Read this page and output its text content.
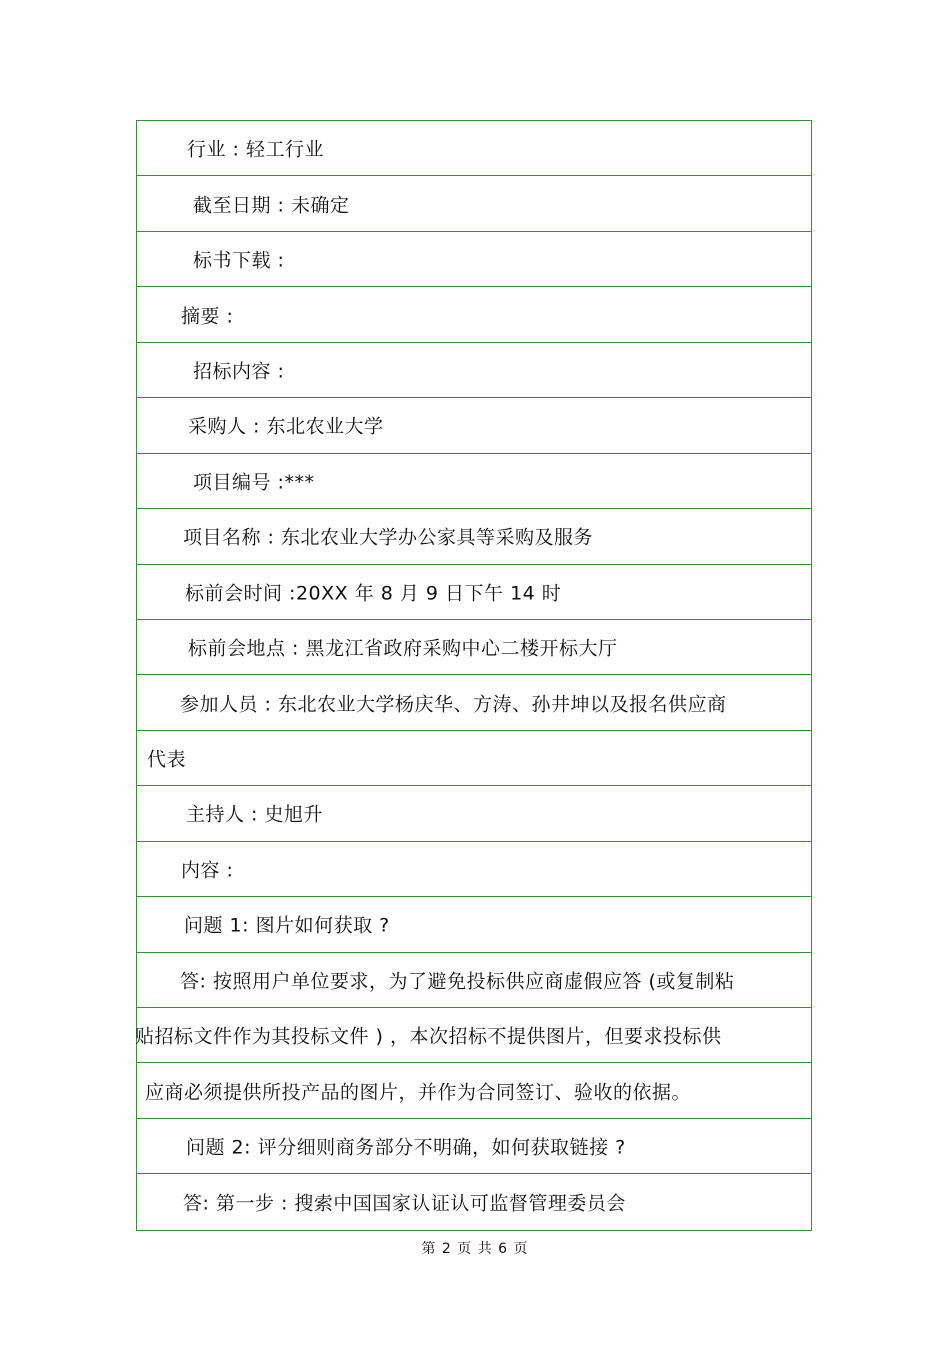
行业 : 轻工行业
截至日期 : 未确定
标书下载 :
摘要 :
招标内容 :
采购人 : 东北农业大学
项目编号 :***
项目名称 : 东北农业大学办公家具等采购及服务
标前会时间 :20XX 年 8 月 9 日下午 14 时
标前会地点 : 黑龙江省政府采购中心二楼开标大厅
参加人员 : 东北农业大学杨庆华、方涛、孙井坤以及报名供应商
代表
主持人 : 史旭升
内容 :
问题 1: 图片如何获取 ?
答: 按照用户单位要求，为了避免投标供应商虚假应答 (或复制粘
贴招标文件作为其投标文件 ) ，本次招标不提供图片，但要求投标供
应商必须提供所投产品的图片，并作为合同签订、验收的依据。
问题 2: 评分细则商务部分不明确，如何获取链接 ?
答: 第一步 : 搜索中国国家认证认可监督管理委员会
第 2 页 共 6 页
